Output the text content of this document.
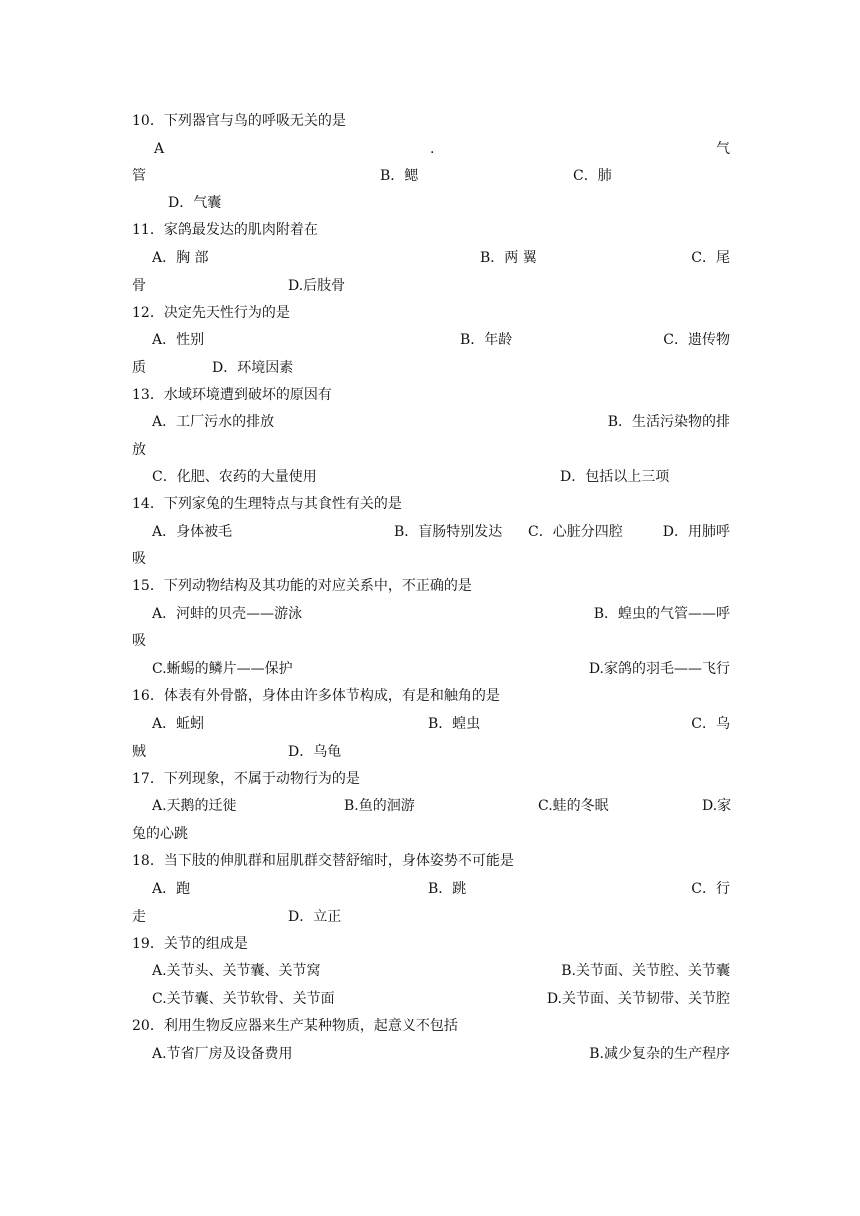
10．下列器官与鸟的呼吸无关的是
A	.	气
管	B．鳃	C．肺
D．气囊
11．家鸽最发达的肌肉附着在
A．胸 部	B．两 翼	C．尾
骨	D.后肢骨
12．决定先天性行为的是
A．性别	B．年龄	C．遗传物
质	D．环境因素
13．水域环境遭到破坏的原因有
A．工厂污水的排放	B．生活污染物的排
放
C．化肥、农药的大量使用	D．包括以上三项
14．下列家兔的生理特点与其食性有关的是
A．身体被毛	B．盲肠特别发达 C．心脏分四腔	D．用肺呼
吸
15．下列动物结构及其功能的对应关系中，不正确的是
A．河蚌的贝壳——游泳	B．蝗虫的气管——呼
吸
C.蜥蜴的鳞片——保护	D.家鸽的羽毛——飞行
16．体表有外骨骼，身体由许多体节构成，有是和触角的是
A．蚯蚓	B．蝗虫	C．乌
贼	D．乌龟
17．下列现象，不属于动物行为的是
A.天鹅的迁徙	B.鱼的洄游	C.蛙的冬眠	D.家
兔的心跳
18．当下肢的伸肌群和屈肌群交替舒缩时，身体姿势不可能是
A．跑	B．跳	C．行
走	D．立正
19．关节的组成是
A.关节头、关节囊、关节窝	B.关节面、关节腔、关节囊
C.关节囊、关节软骨、关节面	D.关节面、关节韧带、关节腔
20．利用生物反应器来生产某种物质，起意义不包括
A.节省厂房及设备费用	B.减少复杂的生产程序
